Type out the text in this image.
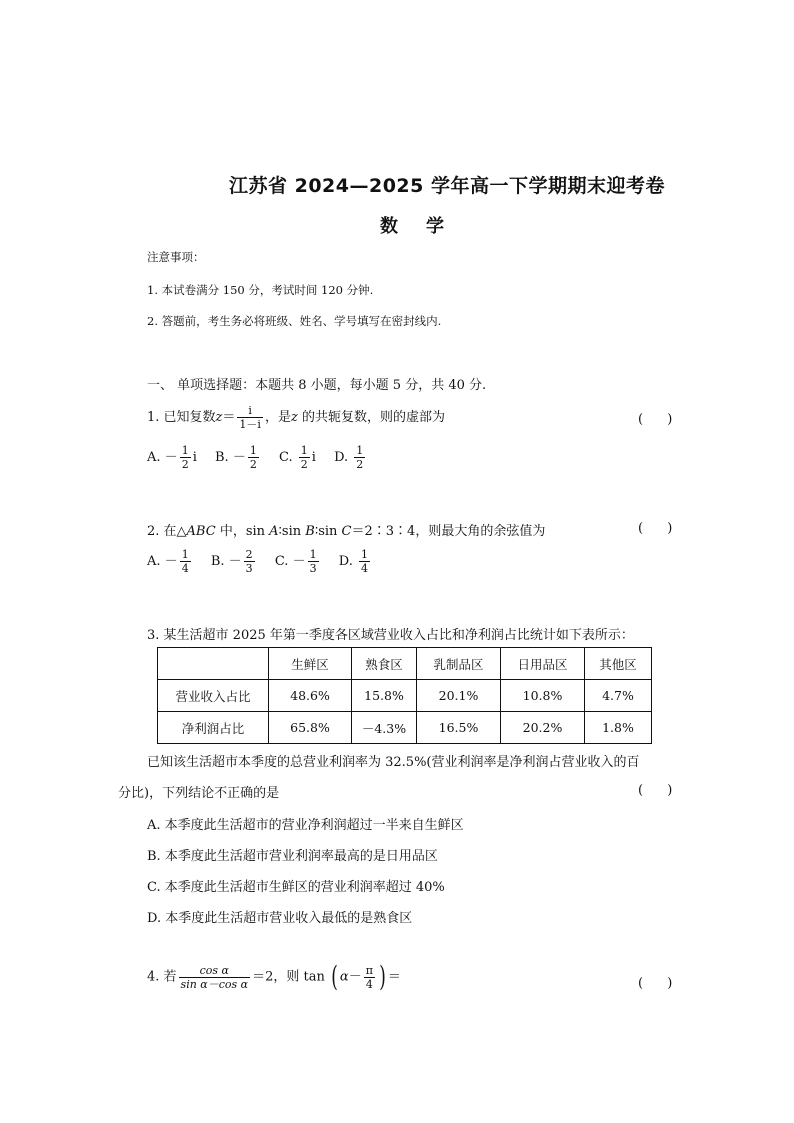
江苏省 2024—2025 学年高一下学期期末迎考卷
数学
注意事项：
1. 本试卷满分 150 分，考试时间 120 分钟.
2. 答题前，考生务必将班级、姓名、学号填写在密封线内.
一、 单项选择题：本题共 8 小题，每小题 5 分，共 40 分.
1. 已知复数$z= \frac{i}{1-i}$ ，是z 的共轭复数，则的虚部为	( )
A. － $\frac{1}{2}$ i B. － $\frac{1}{2} C$. $\frac{1}{2}$ i D. $\frac{1}{2}$
2. 在△ABC 中，sin A∶sin B∶sin C＝2∶3∶4，则最大角的余弦值为	( )
A. － $\frac{1}{4} B$. － $\frac{2}{3} C$. － $\frac{1}{3} D$. $\frac{1}{4}$
3. 某生活超市 2025 年第一季度各区域营业收入占比和净利润占比统计如下表所示：
	生鲜区	熟食区	乳制品区	日用品区	其他区
营业收入占比	48.6%	15.8%	20.1%	10.8%	4.7%
净利润占比	65.8%	－4.3%	16.5%	20.2%	1.8%
已知该生活超市本季度的总营业利润率为 32.5%(营业利润率是净利润占营业收入的百
分比)，下列结论不正确的是	( )
A. 本季度此生活超市的营业净利润超过一半来自生鲜区
B. 本季度此生活超市营业利润率最高的是日用品区
C. 本季度此生活超市生鲜区的营业利润率超过 40%
D. 本季度此生活超市营业收入最低的是熟食区
4. 若 $\frac{\text{cos α}}{\text{sin α－cos α}} =2$，则 tan ( $\alpha- \frac{\pi}{4}$ ) ＝	( )
